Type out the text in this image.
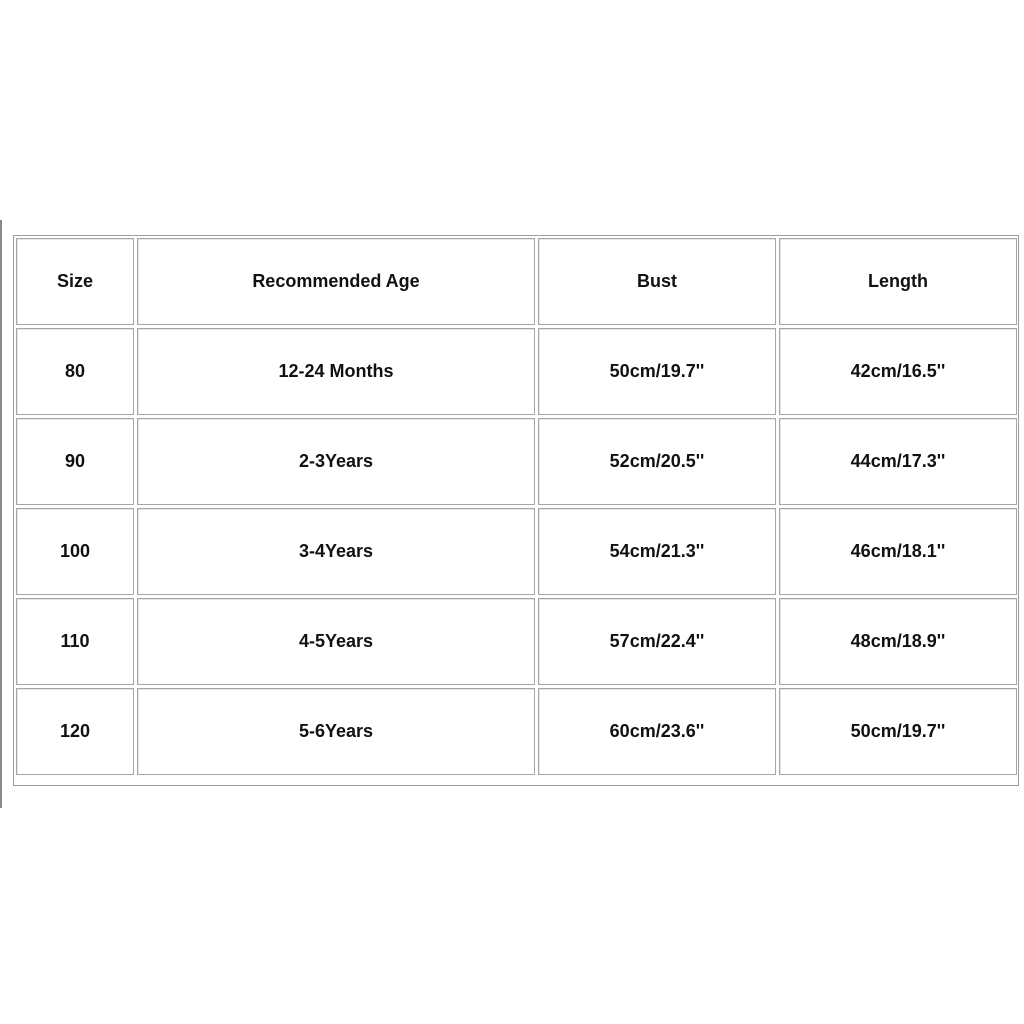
Size	Recommended Age	Bust	Length
80	12-24 Months	50cm/19.7''	42cm/16.5''
90	2-3Years	52cm/20.5''	44cm/17.3''
100	3-4Years	54cm/21.3''	46cm/18.1''
110	4-5Years	57cm/22.4''	48cm/18.9''
120	5-6Years	60cm/23.6''	50cm/19.7''
